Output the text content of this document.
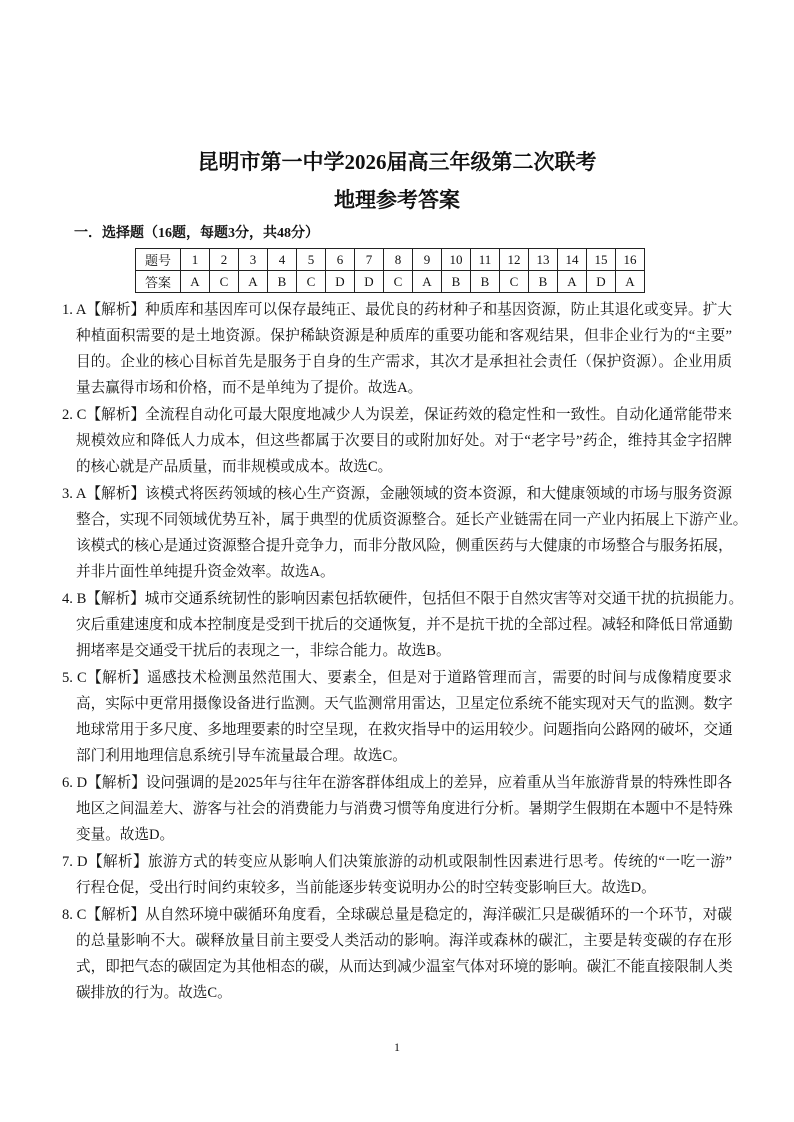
昆明市第一中学2026届高三年级第二次联考
地理参考答案
一．选择题（16题，每题3分，共48分）
题号	1	2	3	4	5	6	7	8	9	10	11	12	13	14	15	16
答案	A	C	A	B	C	D	D	C	A	B	B	C	B	A	D	A
1. A【解析】种质库和基因库可以保存最纯正、最优良的药材种子和基因资源，防止其退化或变异。扩大
种植面积需要的是土地资源。保护稀缺资源是种质库的重要功能和客观结果，但非企业行为的“主要”
目的。企业的核心目标首先是服务于自身的生产需求，其次才是承担社会责任（保护资源）。企业用质
量去赢得市场和价格，而不是单纯为了提价。故选A。
2. C【解析】全流程自动化可最大限度地减少人为误差，保证药效的稳定性和一致性。自动化通常能带来
规模效应和降低人力成本，但这些都属于次要目的或附加好处。对于“老字号”药企，维持其金字招牌
的核心就是产品质量，而非规模或成本。故选C。
3. A【解析】该模式将医药领域的核心生产资源，金融领域的资本资源，和大健康领域的市场与服务资源
整合，实现不同领域优势互补，属于典型的优质资源整合。延长产业链需在同一产业内拓展上下游产业。
该模式的核心是通过资源整合提升竞争力，而非分散风险，侧重医药与大健康的市场整合与服务拓展，
并非片面性单纯提升资金效率。故选A。
4. B【解析】城市交通系统韧性的影响因素包括软硬件，包括但不限于自然灾害等对交通干扰的抗损能力。
灾后重建速度和成本控制度是受到干扰后的交通恢复，并不是抗干扰的全部过程。减轻和降低日常通勤
拥堵率是交通受干扰后的表现之一，非综合能力。故选B。
5. C【解析】遥感技术检测虽然范围大、要素全，但是对于道路管理而言，需要的时间与成像精度要求
高，实际中更常用摄像设备进行监测。天气监测常用雷达，卫星定位系统不能实现对天气的监测。数字
地球常用于多尺度、多地理要素的时空呈现，在救灾指导中的运用较少。问题指向公路网的破坏，交通
部门利用地理信息系统引导车流量最合理。故选C。
6. D【解析】设问强调的是2025年与往年在游客群体组成上的差异，应着重从当年旅游背景的特殊性即各
地区之间温差大、游客与社会的消费能力与消费习惯等角度进行分析。暑期学生假期在本题中不是特殊
变量。故选D。
7. D【解析】旅游方式的转变应从影响人们决策旅游的动机或限制性因素进行思考。传统的“一吃一游”
行程仓促，受出行时间约束较多，当前能逐步转变说明办公的时空转变影响巨大。故选D。
8. C【解析】从自然环境中碳循环角度看，全球碳总量是稳定的，海洋碳汇只是碳循环的一个环节，对碳
的总量影响不大。碳释放量目前主要受人类活动的影响。海洋或森林的碳汇，主要是转变碳的存在形
式，即把气态的碳固定为其他相态的碳，从而达到减少温室气体对环境的影响。碳汇不能直接限制人类
碳排放的行为。故选C。
1
